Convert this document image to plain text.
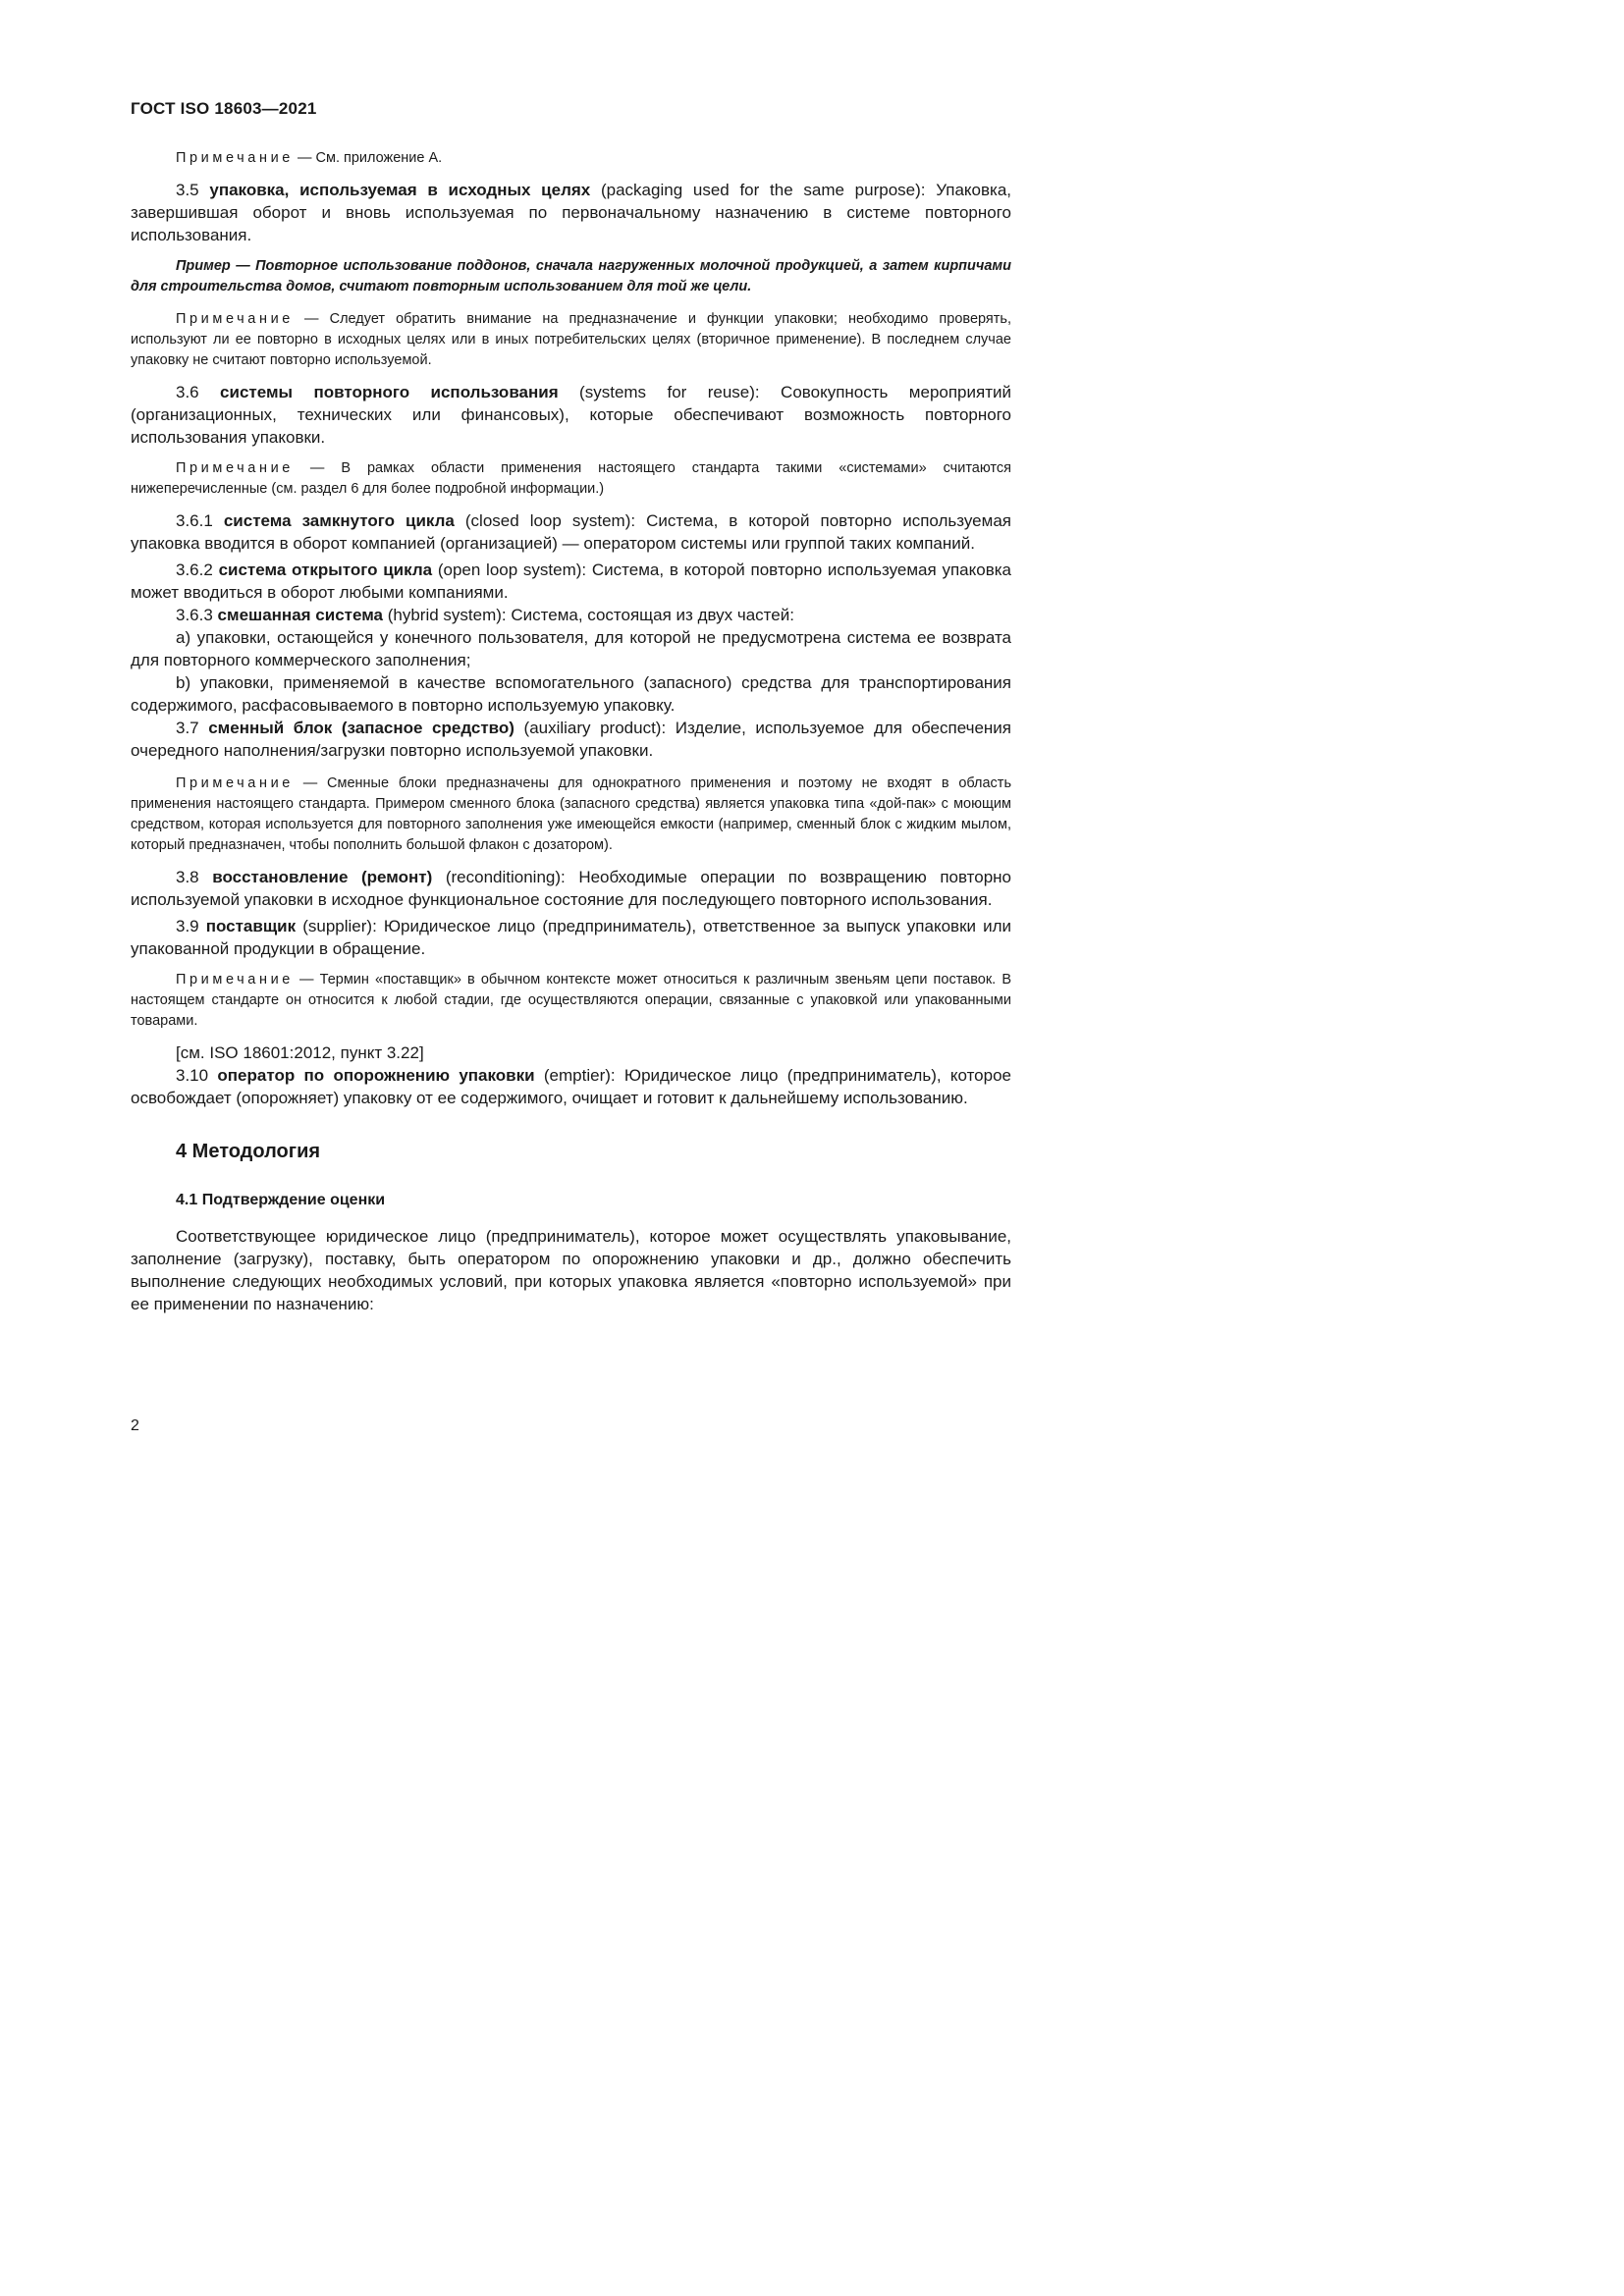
ГОСТ ISO 18603—2021

Примечание — См. приложение А.

3.5 упаковка, используемая в исходных целях (packaging used for the same purpose): Упаковка, завершившая оборот и вновь используемая по первоначальному назначению в системе повторного использования.

Пример — Повторное использование поддонов, сначала нагруженных молочной продукцией, а затем кирпичами для строительства домов, считают повторным использованием для той же цели.

Примечание — Следует обратить внимание на предназначение и функции упаковки; необходимо проверять, используют ли ее повторно в исходных целях или в иных потребительских целях (вторичное применение). В последнем случае упаковку не считают повторно используемой.

3.6 системы повторного использования (systems for reuse): Совокупность мероприятий (организационных, технических или финансовых), которые обеспечивают возможность повторного использования упаковки.

Примечание — В рамках области применения настоящего стандарта такими «системами» считаются нижеперечисленные (см. раздел 6 для более подробной информации.)

3.6.1 система замкнутого цикла (closed loop system): Система, в которой повторно используемая упаковка вводится в оборот компанией (организацией) — оператором системы или группой таких компаний.

3.6.2 система открытого цикла (open loop system): Система, в которой повторно используемая упаковка может вводиться в оборот любыми компаниями.

3.6.3 смешанная система (hybrid system): Система, состоящая из двух частей:

a) упаковки, остающейся у конечного пользователя, для которой не предусмотрена система ее возврата для повторного коммерческого заполнения;

b) упаковки, применяемой в качестве вспомогательного (запасного) средства для транспортирования содержимого, расфасовываемого в повторно используемую упаковку.

3.7 сменный блок (запасное средство) (auxiliary product): Изделие, используемое для обеспечения очередного наполнения/загрузки повторно используемой упаковки.

Примечание — Сменные блоки предназначены для однократного применения и поэтому не входят в область применения настоящего стандарта. Примером сменного блока (запасного средства) является упаковка типа «дой-пак» с моющим средством, которая используется для повторного заполнения уже имеющейся емкости (например, сменный блок с жидким мылом, который предназначен, чтобы пополнить большой флакон с дозатором).

3.8 восстановление (ремонт) (reconditioning): Необходимые операции по возвращению повторно используемой упаковки в исходное функциональное состояние для последующего повторного использования.

3.9 поставщик (supplier): Юридическое лицо (предприниматель), ответственное за выпуск упаковки или упакованной продукции в обращение.

Примечание — Термин «поставщик» в обычном контексте может относиться к различным звеньям цепи поставок. В настоящем стандарте он относится к любой стадии, где осуществляются операции, связанные с упаковкой или упакованными товарами.

[см. ISO 18601:2012, пункт 3.22]

3.10 оператор по опорожнению упаковки (emptier): Юридическое лицо (предприниматель), которое освобождает (опорожняет) упаковку от ее содержимого, очищает и готовит к дальнейшему использованию.

4 Методология
4.1 Подтверждение оценки

Соответствующее юридическое лицо (предприниматель), которое может осуществлять упаковывание, заполнение (загрузку), поставку, быть оператором по опорожнению упаковки и др., должно обеспечить выполнение следующих необходимых условий, при которых упаковка является «повторно используемой» при ее применении по назначению:

2
